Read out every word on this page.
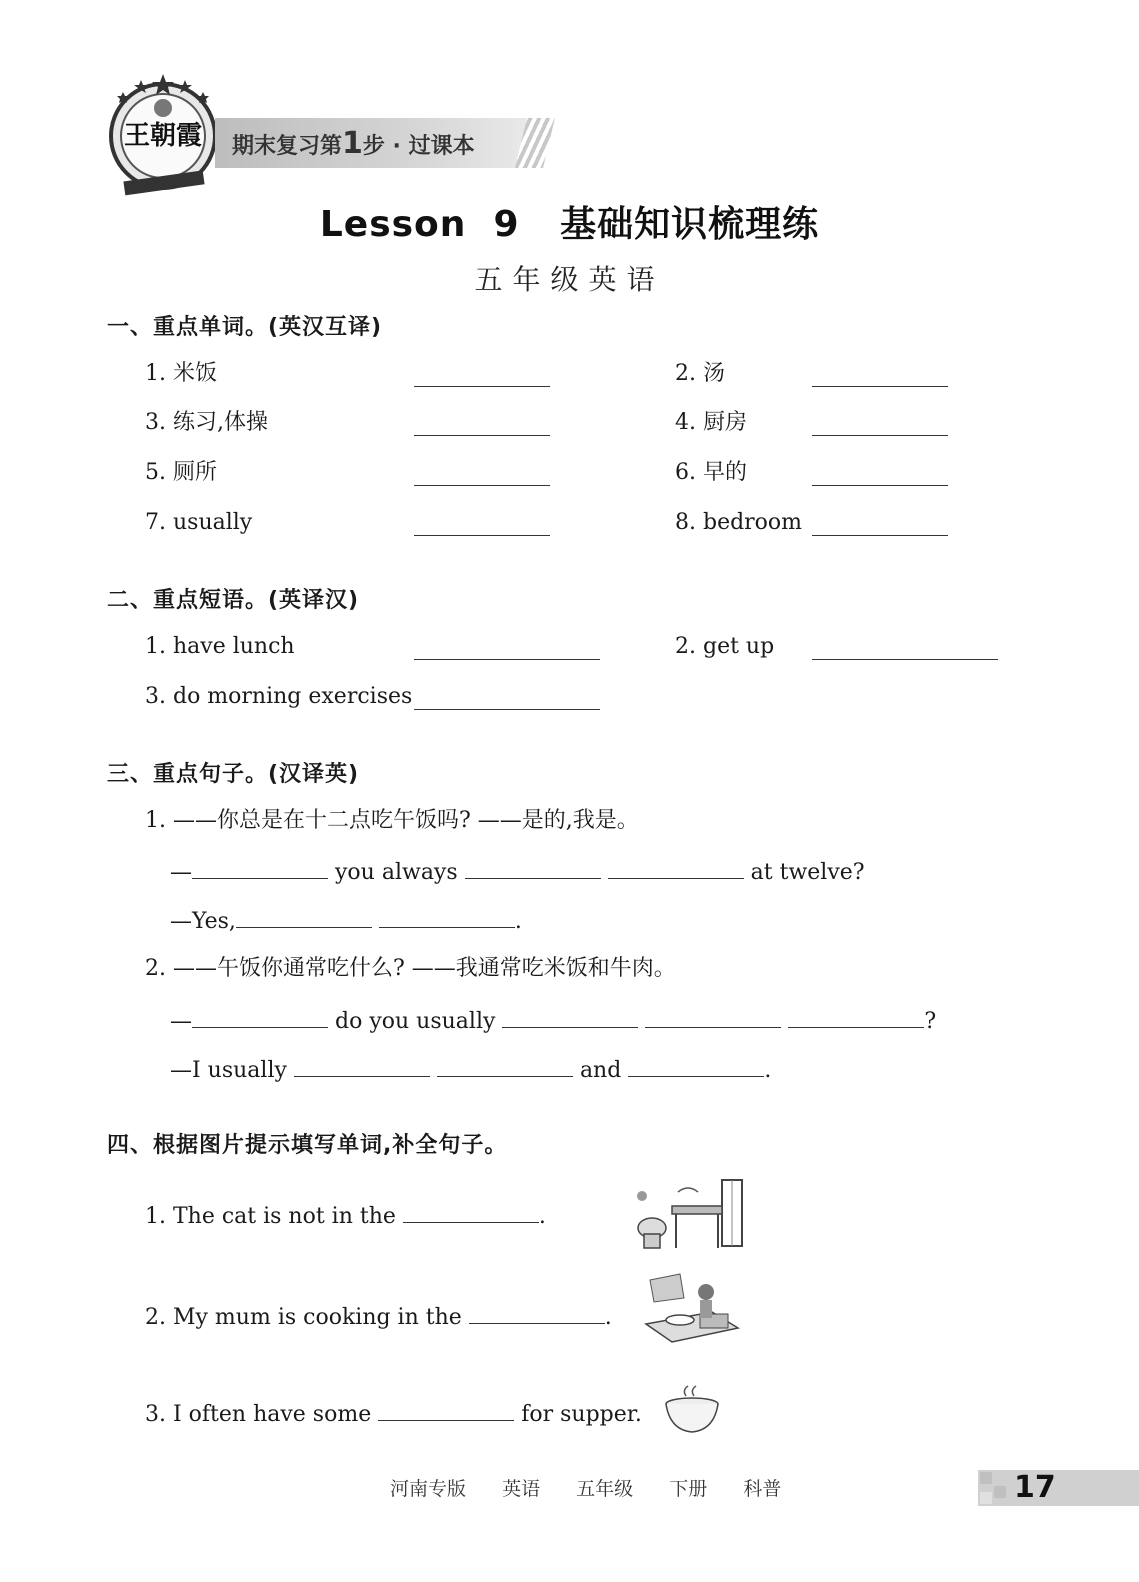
王朝霞 期末复习第1步 · 过课本
Lesson  9   基础知识梳理练
五年级英语
一、重点单词。(英汉互译)
1. 米饭	2. 汤
3. 练习,体操	4. 厨房
5. 厕所	6. 早的
7. usually	8. bedroom
二、重点短语。(英译汉)
1. have lunch	2. get up
3. do morning exercises
三、重点句子。(汉译英)
1. ——你总是在十二点吃午饭吗? ——是的,我是。
—	you always	at twelve?
—Yes,	.
2. ——午饭你通常吃什么? ——我通常吃米饭和牛肉。
—	do you usually	?
—I usually	and	.
四、根据图片提示填写单词,补全句子。
1. The cat is not in the	.
2. My mum is cooking in the	.
3. I often have some	for supper.
河南专版  英语  五年级  下册  科普	17
